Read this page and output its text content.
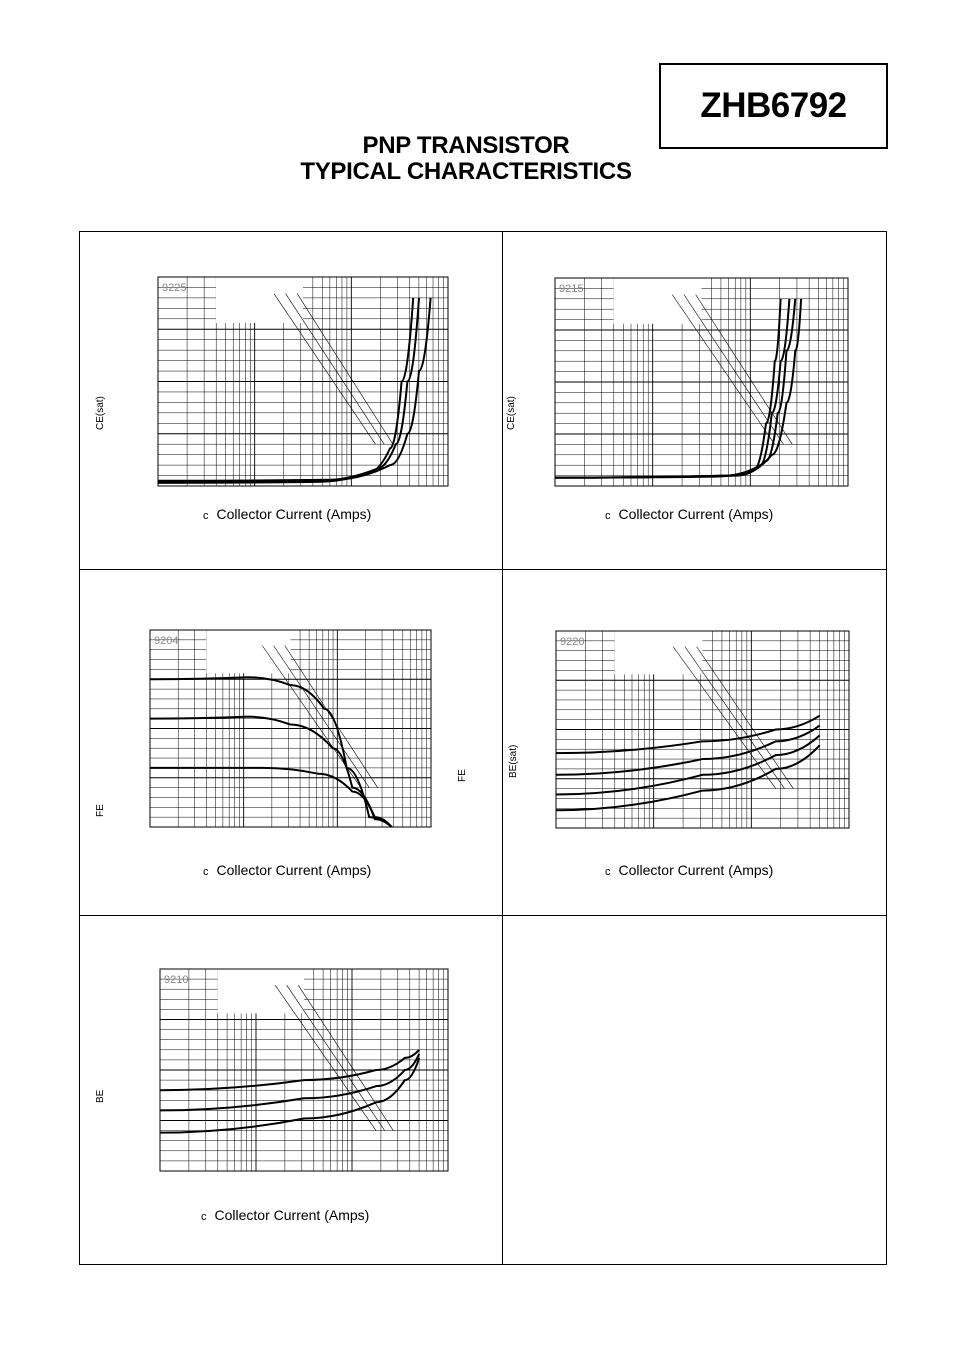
ZHB6792
PNP TRANSISTOR
TYPICAL CHARACTERISTICS
9225
CE(sat)
c Collector Current (Amps)
9215
CE(sat)
c Collector Current (Amps)
9204
FE
c Collector Current (Amps)
9220
FE	BE(sat)
c Collector Current (Amps)
9210
BE
c Collector Current (Amps)
